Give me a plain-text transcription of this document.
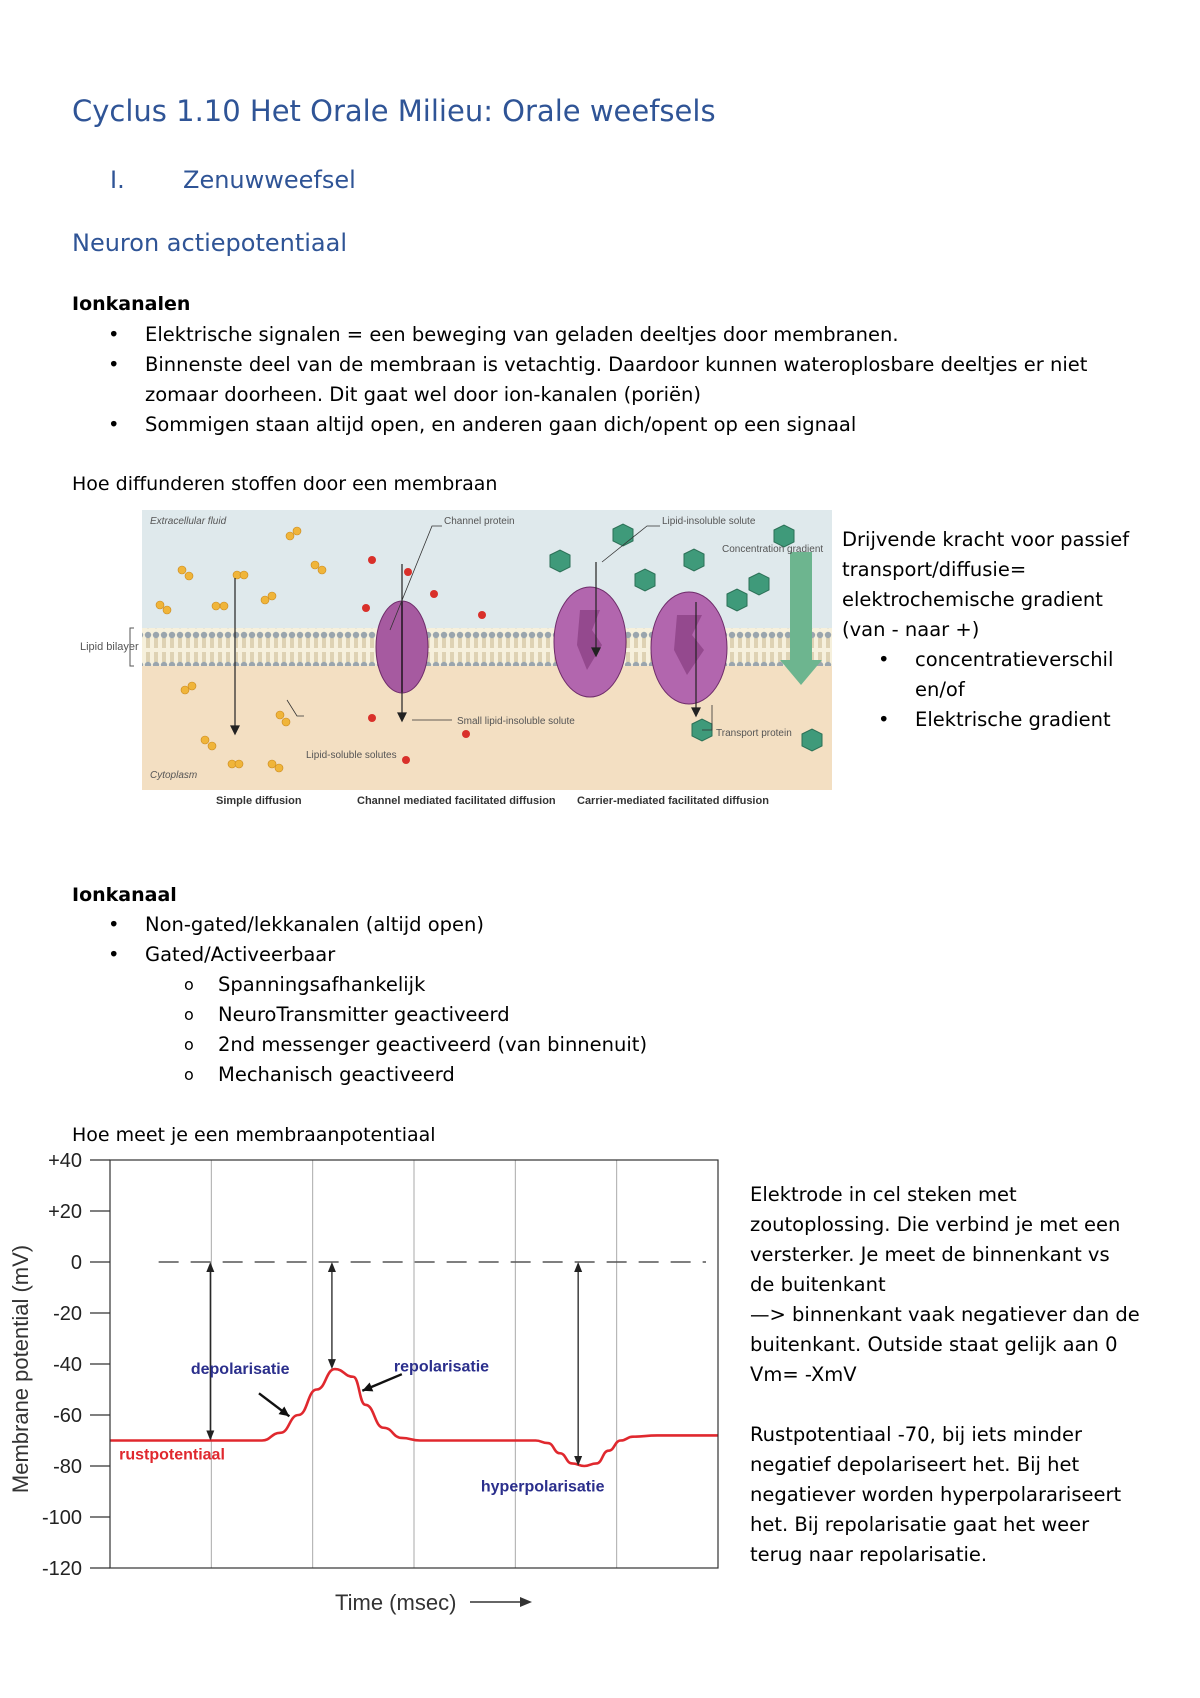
Cyclus 1.10 Het Orale Milieu: Orale weefsels
I. Zenuwweefsel
Neuron actiepotentiaal
Ionkanalen
• Elektrische signalen = een beweging van geladen deeltjes door membranen.
• Binnenste deel van de membraan is vetachtig. Daardoor kunnen wateroplosbare deeltjes er niet zomaar doorheen. Dit gaat wel door ion-kanalen (poriën)
• Sommigen staan altijd open, en anderen gaan dich/opent op een signaal
Hoe diffunderen stoffen door een membraan
Lipid bilayer
Extracellular fluid	Channel protein	Lipid-insoluble solute
Concentration gradient
Small lipid-insoluble solute
Lipid-soluble solutes
Transport protein
Cytoplasm
Simple diffusion	Channel mediated facilitated diffusion Carrier-mediated facilitated diffusion
Drijvende kracht voor passief transport/diffusie= elektrochemische gradient (van - naar +)
• concentratieverschil en/of
• Elektrische gradient
Ionkanaal
• Non-gated/lekkanalen (altijd open)
• Gated/Activeerbaar
o Spanningsafhankelijk
o NeuroTransmitter geactiveerd
o 2nd messenger geactiveerd (van binnenuit)
o Mechanisch geactiveerd
Hoe meet je een membraanpotentiaal
+40
+20
0
-20
-40
-60
-80
-100
-120
Membrane potential (mV)
Time (msec)
depolarisatie	repolarisatie
rustpotentiaal
hyperpolarisatie
Elektrode in cel steken met zoutoplossing. Die verbind je met een versterker. Je meet de binnenkant vs de buitenkant
—> binnenkant vaak negatiever dan de buitenkant. Outside staat gelijk aan 0
Vm= -XmV
Rustpotentiaal -70, bij iets minder negatief depolariseert het. Bij het negatiever worden hyperpolarariseert het. Bij repolarisatie gaat het weer terug naar repolarisatie.
